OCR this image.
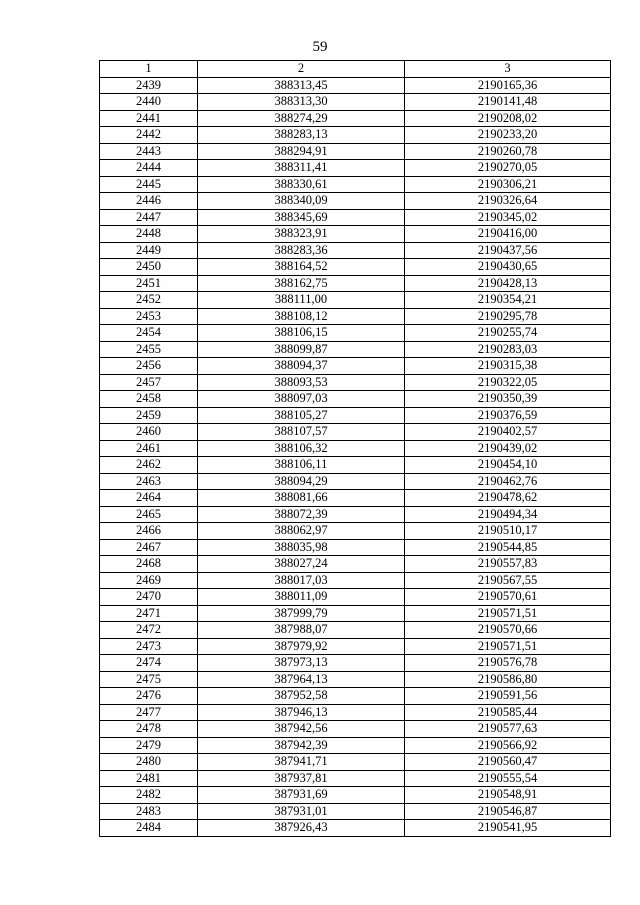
59
1	2	3
2439	388313,45	2190165,36
2440	388313,30	2190141,48
2441	388274,29	2190208,02
2442	388283,13	2190233,20
2443	388294,91	2190260,78
2444	388311,41	2190270,05
2445	388330,61	2190306,21
2446	388340,09	2190326,64
2447	388345,69	2190345,02
2448	388323,91	2190416,00
2449	388283,36	2190437,56
2450	388164,52	2190430,65
2451	388162,75	2190428,13
2452	388111,00	2190354,21
2453	388108,12	2190295,78
2454	388106,15	2190255,74
2455	388099,87	2190283,03
2456	388094,37	2190315,38
2457	388093,53	2190322,05
2458	388097,03	2190350,39
2459	388105,27	2190376,59
2460	388107,57	2190402,57
2461	388106,32	2190439,02
2462	388106,11	2190454,10
2463	388094,29	2190462,76
2464	388081,66	2190478,62
2465	388072,39	2190494,34
2466	388062,97	2190510,17
2467	388035,98	2190544,85
2468	388027,24	2190557,83
2469	388017,03	2190567,55
2470	388011,09	2190570,61
2471	387999,79	2190571,51
2472	387988,07	2190570,66
2473	387979,92	2190571,51
2474	387973,13	2190576,78
2475	387964,13	2190586,80
2476	387952,58	2190591,56
2477	387946,13	2190585,44
2478	387942,56	2190577,63
2479	387942,39	2190566,92
2480	387941,71	2190560,47
2481	387937,81	2190555,54
2482	387931,69	2190548,91
2483	387931,01	2190546,87
2484	387926,43	2190541,95
